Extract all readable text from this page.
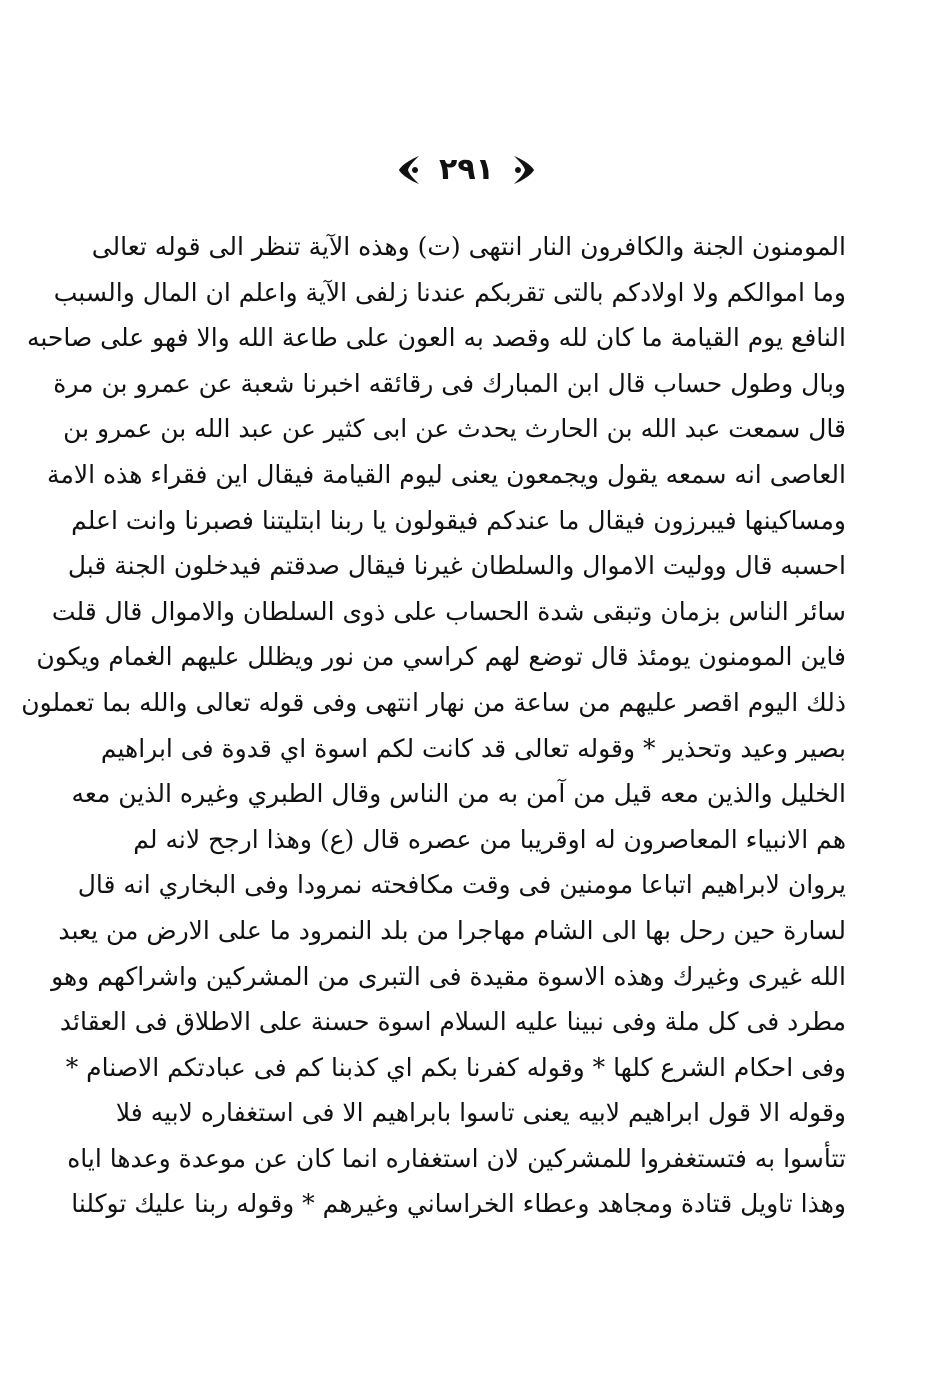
٢٩١
المومنون الجنة والكافرون النار انتهى (ت) وهذه الآية تنظر الى قوله تعالى
وما اموالكم ولا اولادكم بالتى تقربكم عندنا زلفى الآية واعلم ان المال والسبب
النافع يوم القيامة ما كان لله وقصد به العون على طاعة الله والا فهو على صاحبه
وبال وطول حساب قال ابن المبارك فى رقائقه اخبرنا شعبة عن عمرو بن مرة
قال سمعت عبد الله بن الحارث يحدث عن ابى كثير عن عبد الله بن عمرو بن
العاصى انه سمعه يقول ويجمعون يعنى ليوم القيامة فيقال اين فقراء هذه الامة
ومساكينها فيبرزون فيقال ما عندكم فيقولون يا ربنا ابتليتنا فصبرنا وانت اعلم
احسبه قال ووليت الاموال والسلطان غيرنا فيقال صدقتم فيدخلون الجنة قبل
سائر الناس بزمان وتبقى شدة الحساب على ذوى السلطان والاموال قال قلت
فاين المومنون يومئذ قال توضع لهم كراسي من نور ويظلل عليهم الغمام ويكون
ذلك اليوم اقصر عليهم من ساعة من نهار انتهى وفى قوله تعالى والله بما تعملون
بصير وعيد وتحذير * وقوله تعالى قد كانت لكم اسوة اي قدوة فى ابراهيم
الخليل والذين معه قيل من آمن به من الناس وقال الطبري وغيره الذين معه
هم الانبياء المعاصرون له اوقريبا من عصره قال (ع) وهذا ارجح لانه لم
يروان لابراهيم اتباعا مومنين فى وقت مكافحته نمرودا وفى البخاري انه قال
لسارة حين رحل بها الى الشام مهاجرا من بلد النمرود ما على الارض من يعبد
الله غيرى وغيرك وهذه الاسوة مقيدة فى التبرى من المشركين واشراكهم وهو
مطرد فى كل ملة وفى نبينا عليه السلام اسوة حسنة على الاطلاق فى العقائد
وفى احكام الشرع كلها * وقوله كفرنا بكم اي كذبنا كم فى عبادتكم الاصنام *
وقوله الا قول ابراهيم لابيه يعنى تاسوا بابراهيم الا فى استغفاره لابيه فلا
تتأسوا به فتستغفروا للمشركين لان استغفاره انما كان عن موعدة وعدها اياه
وهذا تاويل قتادة ومجاهد وعطاء الخراساني وغيرهم * وقوله ربنا عليك توكلنا
